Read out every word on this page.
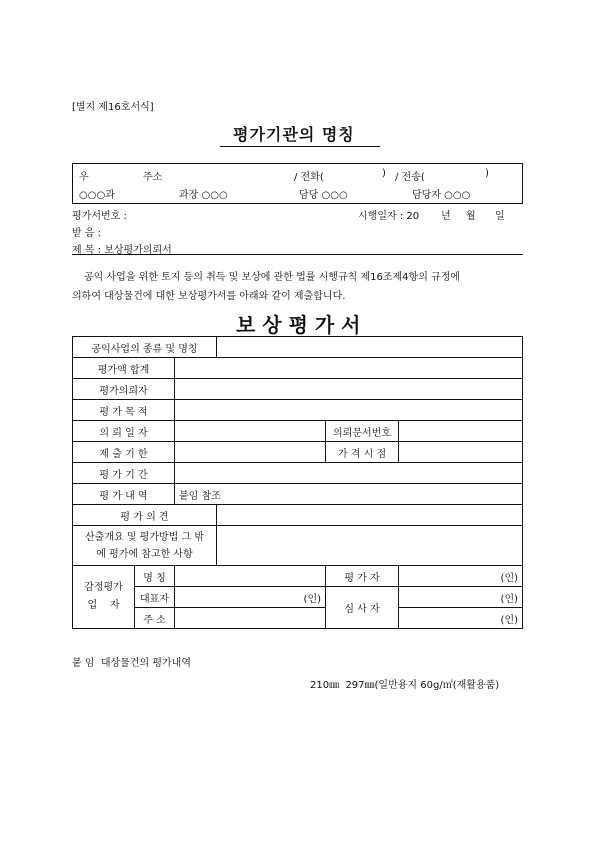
[별지 제16호서식]
평가기관의 명칭
우	주소	/ 전화(	) / 전송(	)
○○○과	과장 ○○○	담당 ○○○	담당자 ○○○
평가서번호 :	시행일자 : 20 년 월 일
받 음 :
제 목 : 보상평가의뢰서
공익 사업을 위한 토지 등의 취득 및 보상에 관한 법률 시행규칙 제16조제4항의 규정에
의하여 대상물건에 대한 보상평가서를 아래와 같이 제출합니다.
보 상 평 가 서
공익사업의 종류 및 명칭					
평가액 합계					
평가의뢰자					
평 가 목 적					
의 뢰 일 자				의뢰문서번호	
제 출 기 한				가 격 시 점	
평 가 기 간					
평 가 내 역		붙임 참조			
평 가 의 견					

산출개요 및 평가방법 그 밖
에 평가에 참고한 사항					

감정평가
업    자	명 칭			평 가 자	(인)
	대표자	(인)		심 사 자	(인)
	주 소				(인)
붙 임  대상물건의 평가내역
210㎜  297㎜(일반용지 60g/㎡(재활용품)
